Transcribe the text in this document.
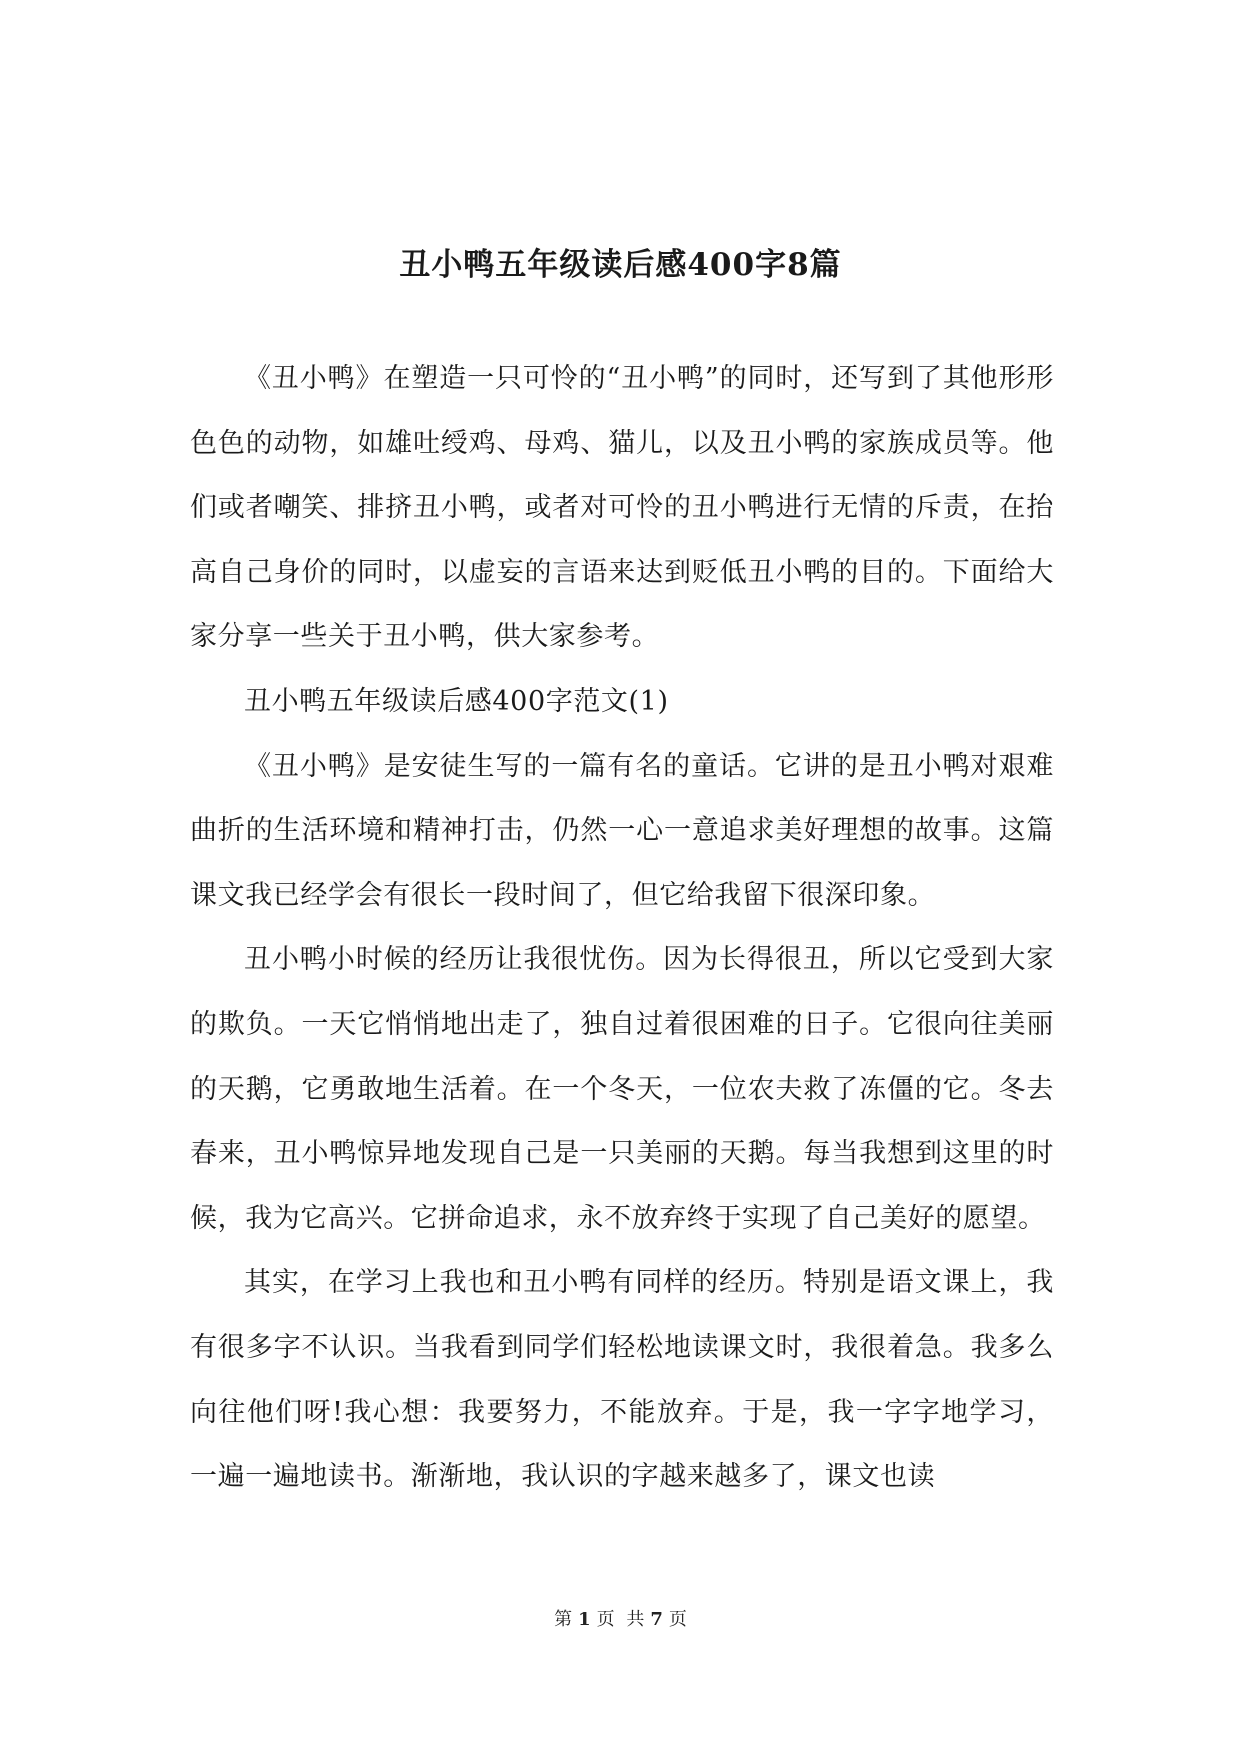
丑小鸭五年级读后感400字8篇

《丑小鸭》在塑造一只可怜的“丑小鸭”的同时，还写到了其他形形色色的动物，如雄吐绶鸡、母鸡、猫儿，以及丑小鸭的家族成员等。他们或者嘲笑、排挤丑小鸭，或者对可怜的丑小鸭进行无情的斥责，在抬高自己身价的同时，以虚妄的言语来达到贬低丑小鸭的目的。下面给大家分享一些关于丑小鸭，供大家参考。

丑小鸭五年级读后感400字范文(1)

《丑小鸭》是安徒生写的一篇有名的童话。它讲的是丑小鸭对艰难曲折的生活环境和精神打击，仍然一心一意追求美好理想的故事。这篇课文我已经学会有很长一段时间了，但它给我留下很深印象。

丑小鸭小时候的经历让我很忧伤。因为长得很丑，所以它受到大家的欺负。一天它悄悄地出走了，独自过着很困难的日子。它很向往美丽的天鹅，它勇敢地生活着。在一个冬天，一位农夫救了冻僵的它。冬去春来，丑小鸭惊异地发现自己是一只美丽的天鹅。每当我想到这里的时候，我为它高兴。它拼命追求，永不放弃终于实现了自己美好的愿望。

其实，在学习上我也和丑小鸭有同样的经历。特别是语文课上，我有很多字不认识。当我看到同学们轻松地读课文时，我很着急。我多么向往他们呀!我心想：我要努力，不能放弃。于是，我一字字地学习，一遍一遍地读书。渐渐地，我认识的字越来越多了，课文也读

第 1 页 共 7 页
